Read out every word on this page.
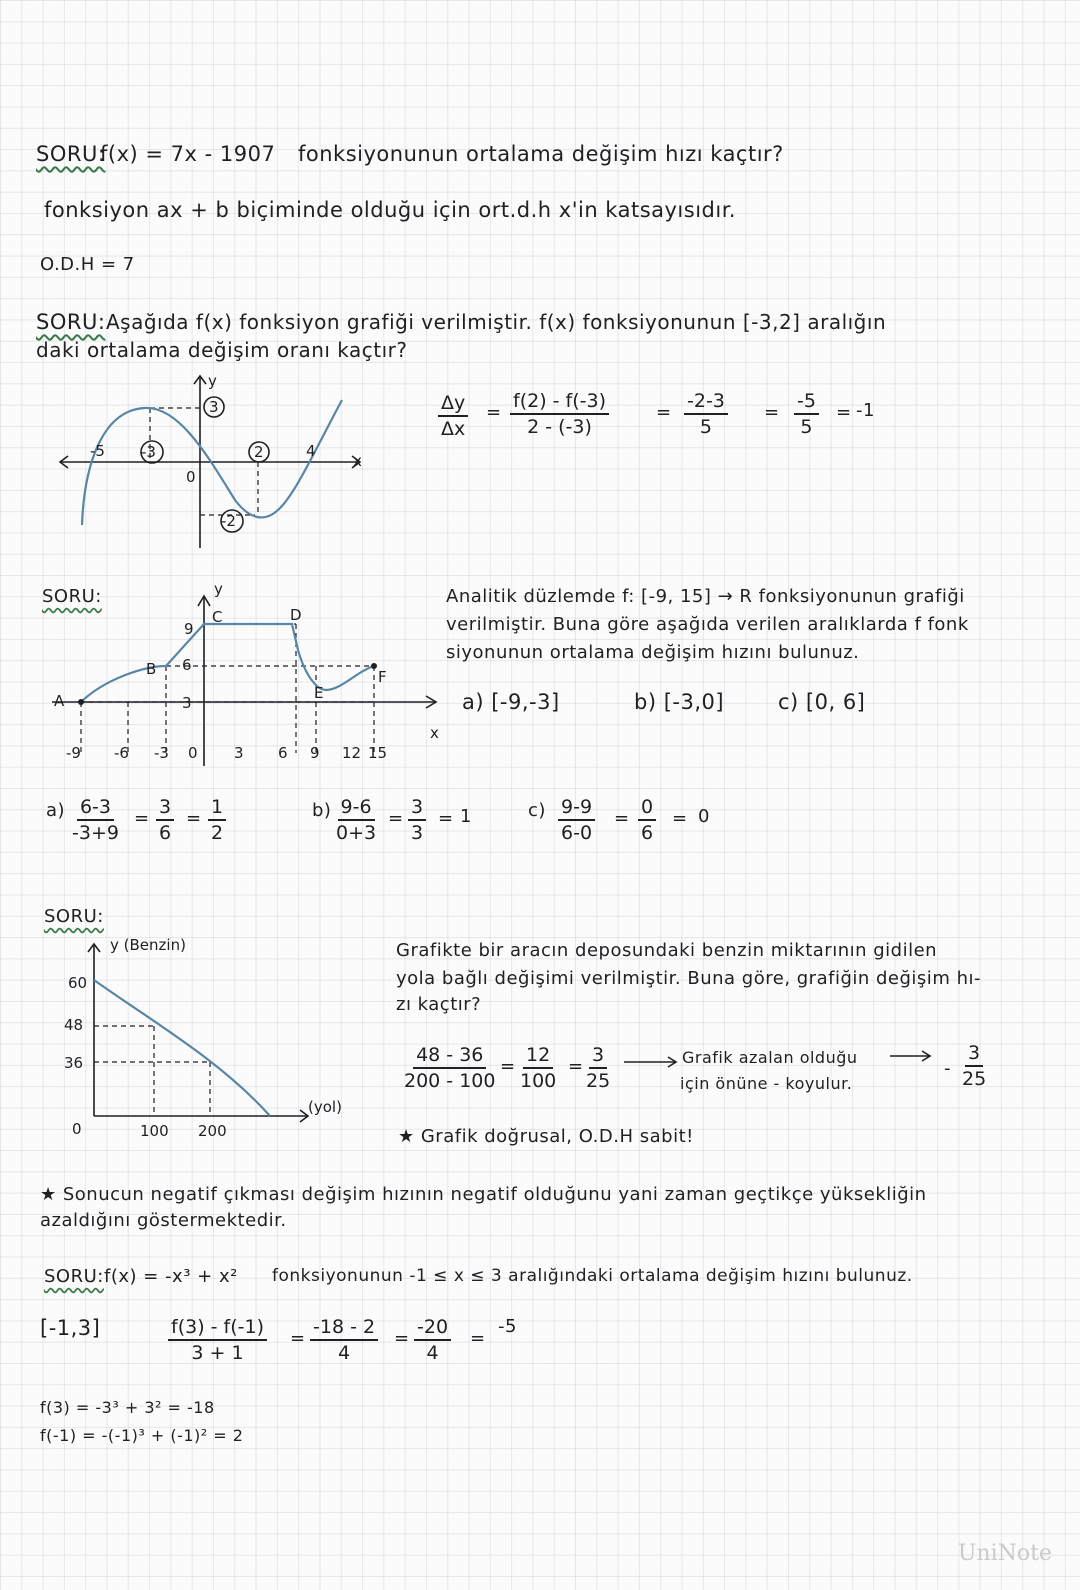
SORU:
f(x) = 7x - 1907 fonksiyonunun ortalama değişim hızı kaçtır?
fonksiyon ax + b biçiminde olduğu için ort.d.h x'in katsayısıdır.
O.D.H = 7
SORU: Aşağıda f(x) fonksiyon grafiği verilmiştir. f(x) fonksiyonunun [-3,2] aralığın
daki ortalama değişim oranı kaçtır?
y
x
-5 -3
0
2	4
3
-2
$\frac{\Delta y}{\Delta x} = \frac{f(2) - f(-3)}{2 - (-3)}$	= $\frac{-2-3}{5} = \frac{-5}{5} = -1$
SORU:	y
x
A
B
C	D
E
F
9
6
3
-9 -6 -3 0 3 6 9 12 15
Analitik düzlemde f: [-9, 15] → R fonksiyonunun grafiği
verilmiştir. Buna göre aşağıda verilen aralıklarda f fonk
siyonunun ortalama değişim hızını bulunuz.
a) [-9,-3]	b) [-3,0]	c) [0, 6]
$a) \frac{6-3}{-3+9} = \frac{3}{6} = \frac{1}{2}$	$b) \frac{9-6}{0+3} = \frac{3}{3} = 1$	$c) \frac{9-9}{6-0} = \frac{0}{6} = 0$
SORU:
y (Benzin)
(yol)
60
48
36
0	100 200
Grafikte bir aracın deposundaki benzin miktarının gidilen
yola bağlı değişimi verilmiştir. Buna göre, grafiğin değişim hı-
zı kaçtır?
$\frac{48 - 36}{200 - 100} = \frac{12}{100} = \frac{3}{25}$	Grafik azalan olduğu
için önüne - koyulur.
- $\frac{3}{25}$
★ Grafik doğrusal, O.D.H sabit!
★ Sonucun negatif çıkması değişim hızının negatif olduğunu yani zaman geçtikçe yüksekliğin
azaldığını göstermektedir.
SORU: f(x) = -x³ + x² fonksiyonunun -1 ≤ x ≤ 3 aralığındaki ortalama değişim hızını bulunuz.
[-1,3]	$\frac{f(3) - f(-1)}{3 + 1} = \frac{-18 - 2}{4} = \frac{-20}{4}$ =
-5
f(3) = -3³ + 3² = -18
f(-1) = -(-1)³ + (-1)² = 2
UniNote
